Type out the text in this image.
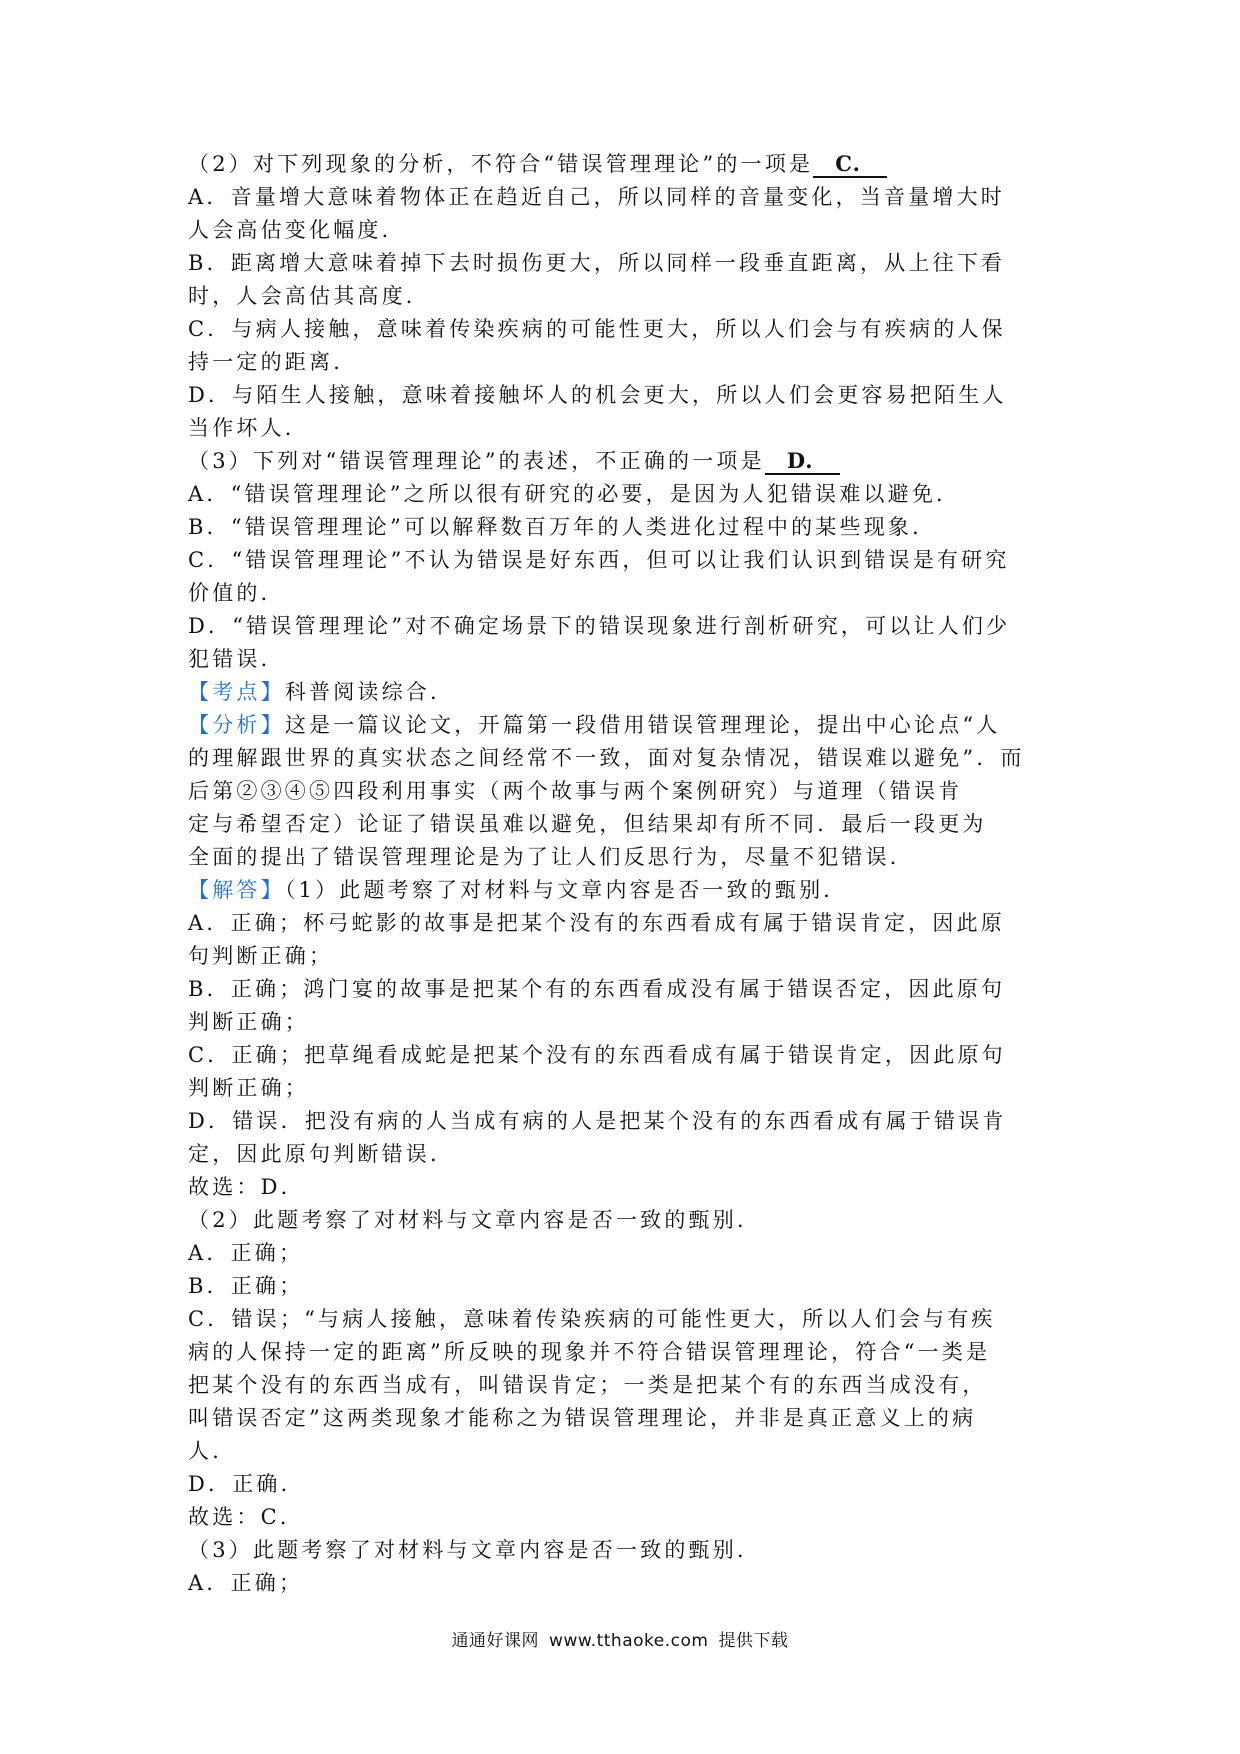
（2）对下列现象的分析，不符合“错误管理理论”的一项是 C.
A．音量增大意味着物体正在趋近自己，所以同样的音量变化，当音量增大时
人会高估变化幅度．
B．距离增大意味着掉下去时损伤更大，所以同样一段垂直距离，从上往下看
时，人会高估其高度．
C．与病人接触，意味着传染疾病的可能性更大，所以人们会与有疾病的人保
持一定的距离．
D．与陌生人接触，意味着接触坏人的机会更大，所以人们会更容易把陌生人
当作坏人．
（3）下列对“错误管理理论”的表述，不正确的一项是 D.
A．“错误管理理论”之所以很有研究的必要，是因为人犯错误难以避免．
B．“错误管理理论”可以解释数百万年的人类进化过程中的某些现象．
C．“错误管理理论”不认为错误是好东西，但可以让我们认识到错误是有研究
价值的．
D．“错误管理理论”对不确定场景下的错误现象进行剖析研究，可以让人们少
犯错误．
【考点】科普阅读综合．
【分析】这是一篇议论文，开篇第一段借用错误管理理论，提出中心论点“人
的理解跟世界的真实状态之间经常不一致，面对复杂情况，错误难以避免”．而
后第②③④⑤四段利用事实（两个故事与两个案例研究）与道理（错误肯
定与希望否定）论证了错误虽难以避免，但结果却有所不同．最后一段更为
全面的提出了错误管理理论是为了让人们反思行为，尽量不犯错误．
【解答】（1）此题考察了对材料与文章内容是否一致的甄别．
A．正确；杯弓蛇影的故事是把某个没有的东西看成有属于错误肯定，因此原
句判断正确；
B．正确；鸿门宴的故事是把某个有的东西看成没有属于错误否定，因此原句
判断正确；
C．正确；把草绳看成蛇是把某个没有的东西看成有属于错误肯定，因此原句
判断正确；
D．错误．把没有病的人当成有病的人是把某个没有的东西看成有属于错误肯
定，因此原句判断错误．
故选：D．
（2）此题考察了对材料与文章内容是否一致的甄别．
A．正确；
B．正确；
C．错误；“与病人接触，意味着传染疾病的可能性更大，所以人们会与有疾
病的人保持一定的距离”所反映的现象并不符合错误管理理论，符合“一类是
把某个没有的东西当成有，叫错误肯定；一类是把某个有的东西当成没有，
叫错误否定”这两类现象才能称之为错误管理理论，并非是真正意义上的病
人．
D．正确．
故选：C．
（3）此题考察了对材料与文章内容是否一致的甄别．
A．正确；
通通好课网 www.tthaoke.com 提供下载
